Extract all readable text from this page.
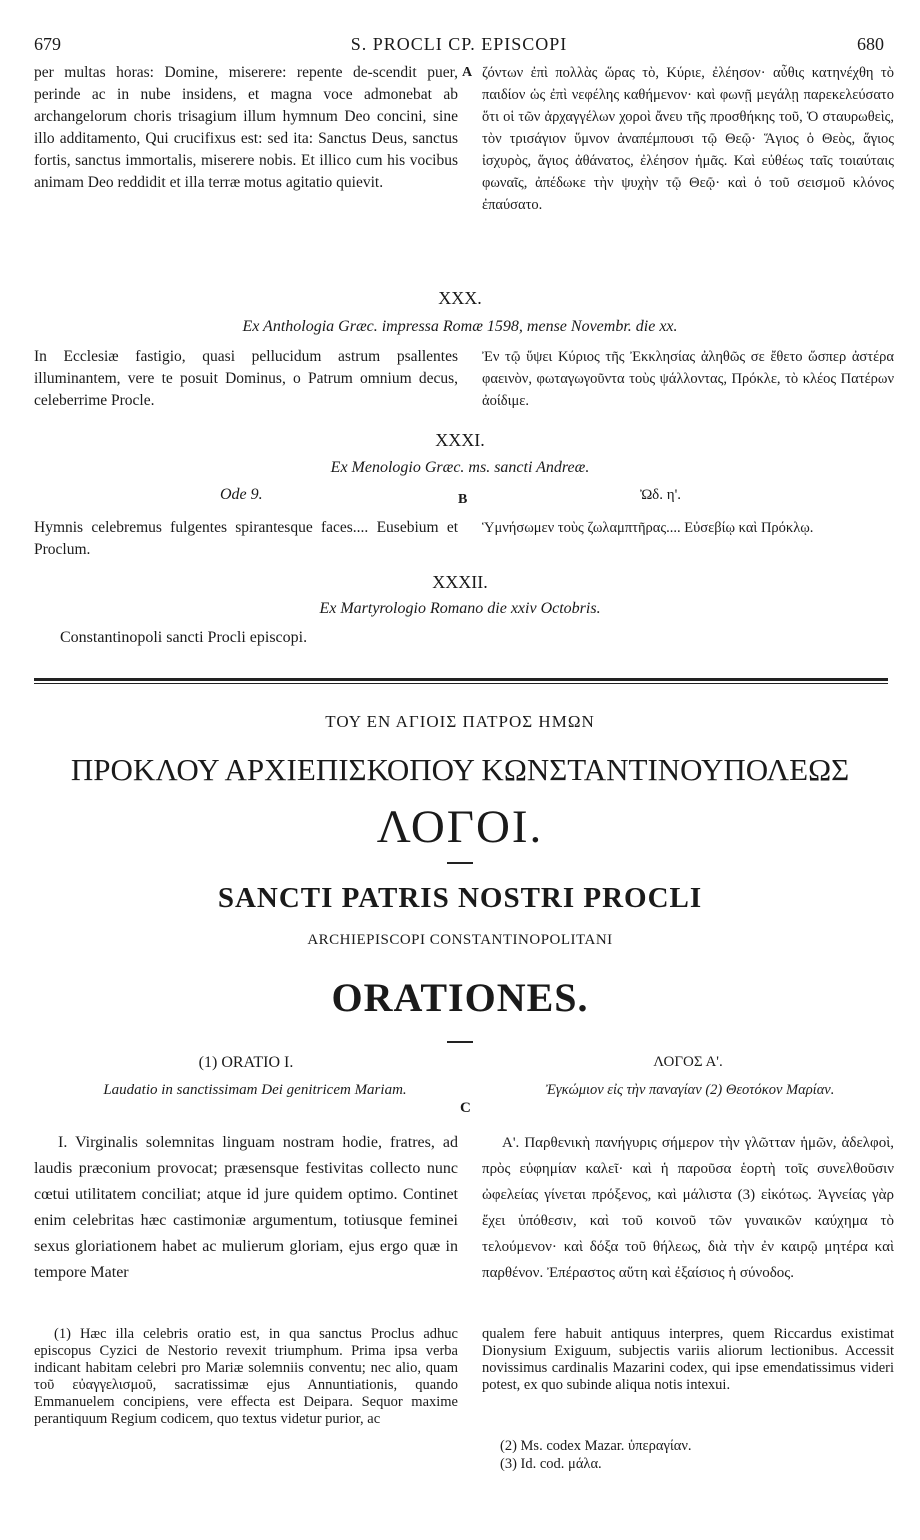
679	S. PROCLI CP. EPISCOPI	680
per multas horas: Domine, miserere: repente de-scendit puer, perinde ac in nube insidens, et magna voce admonebat ab archangelorum choris trisagium illum hymnum Deo concini, sine illo additamento, Qui crucifixus est: sed ita: Sanctus Deus, sanctus fortis, sanctus immortalis, miserere nobis. Et illico cum his vocibus animam Deo reddidit et illa terræ motus agitatio quievit.
A ζόντων ἐπὶ πολλὰς ὥρας τὸ, Κύριε, ἐλέησον· αὖθις κατηνέχθη τὸ παιδίον ὡς ἐπὶ νεφέλης καθήμενον· καὶ φωνῇ μεγάλῃ παρεκελεύσατο ὅτι οἱ τῶν ἀρχαγγέλων χοροὶ ἄνευ τῆς προσθήκης τοῦ, Ὁ σταυρωθεὶς, τὸν τρισάγιον ὕμνον ἀναπέμπουσι τῷ Θεῷ· Ἅγιος ὁ Θεὸς, ἅγιος ἰσχυρὸς, ἅγιος ἀθάνατος, ἐλέησον ἡμᾶς. Καὶ εὐθέως ταῖς τοιαύταις φωναῖς, ἀπέδωκε τὴν ψυχὴν τῷ Θεῷ· καὶ ὁ τοῦ σεισμοῦ κλόνος ἐπαύσατο.
XXX.
Ex Anthologia Græc. impressa Romæ 1598, mense Novembr. die xx.
In Ecclesiæ fastigio, quasi pellucidum astrum psallentes illuminantem, vere te posuit Dominus, o Patrum omnium decus, celeberrime Procle.
Ἐν τῷ ὕψει Κύριος τῆς Ἐκκλησίας ἀληθῶς σε ἔθετο ὥσπερ ἀστέρα φαεινὸν, φωταγωγοῦντα τοὺς ψάλλοντας, Πρόκλε, τὸ κλέος Πατέρων ἀοίδιμε.
XXXI.
Ex Menologio Græc. ms. sancti Andreæ.
Ode 9.	B	Ὠδ. η'.
Hymnis celebremus fulgentes spirantesque faces.... Eusebium et Proclum.
Ὑμνήσωμεν τοὺς ζωλαμπτῆρας.... Εὐσεβίῳ καὶ Πρόκλῳ.
XXXII.
Ex Martyrologio Romano die xxiv Octobris.
Constantinopoli sancti Procli episcopi.
ΤΟΥ ΕΝ ΑΓΙΟΙΣ ΠΑΤΡΟΣ ΗΜΩΝ
ΠΡΟΚΛΟΥ ΑΡΧΙΕΠΙΣΚΟΠΟΥ ΚΩΝΣΤΑΝΤΙΝΟΥΠΟΛΕΩΣ
ΛΟΓΟΙ.
SANCTI PATRIS NOSTRI PROCLI
ARCHIEPISCOPI CONSTANTINOPOLITANI
ORATIONES.
(1) ORATIO I.	ΛΟΓΟΣ Α'.
Laudatio in sanctissimam Dei genitricem Mariam.
C
Ἐγκώμιον εἰς τὴν παναγίαν (2) Θεοτόκον Μαρίαν.
I. Virginalis solemnitas linguam nostram hodie, fratres, ad laudis præconium provocat; præsensque festivitas collecto nunc cœtui utilitatem conciliat; atque id jure quidem optimo. Continet enim celebritas hæc castimoniæ argumentum, totiusque feminei sexus gloriationem habet ac mulierum gloriam, ejus ergo quæ in tempore Mater
Α'. Παρθενικὴ πανήγυρις σήμερον τὴν γλῶτταν ἡμῶν, ἀδελφοὶ, πρὸς εὐφημίαν καλεῖ· καὶ ἡ παροῦσα ἑορτὴ τοῖς συνελθοῦσιν ὠφελείας γίνεται πρόξενος, καὶ μάλιστα (3) εἰκότως. Ἁγνείας γὰρ ἔχει ὑπόθεσιν, καὶ τοῦ κοινοῦ τῶν γυναικῶν καύχημα τὸ τελούμενον· καὶ δόξα τοῦ θήλεως, διὰ τὴν ἐν καιρῷ μητέρα καὶ παρθένον. Ἐπέραστος αὕτη καὶ ἐξαίσιος ἡ σύνοδος.
(1) Hæc illa celebris oratio est, in qua sanctus Proclus adhuc episcopus Cyzici de Nestorio revexit triumphum. Prima ipsa verba indicant habitam celebri pro Mariæ solemniis conventu; nec alio, quam τοῦ εὐαγγελισμοῦ, sacratissimæ ejus Annuntiationis, quando Emmanuelem concipiens, vere effecta est Deipara. Sequor maxime perantiquum Regium codicem, quo textus videtur purior, ac
qualem fere habuit antiquus interpres, quem Riccardus existimat Dionysium Exiguum, subjectis variis aliorum lectionibus. Accessit novissimus cardinalis Mazarini codex, qui ipse emendatissimus videri potest, ex quo subinde aliqua notis intexui.
(2) Ms. codex Mazar. ὑπεραγίαν.
(3) Id. cod. μάλα.
